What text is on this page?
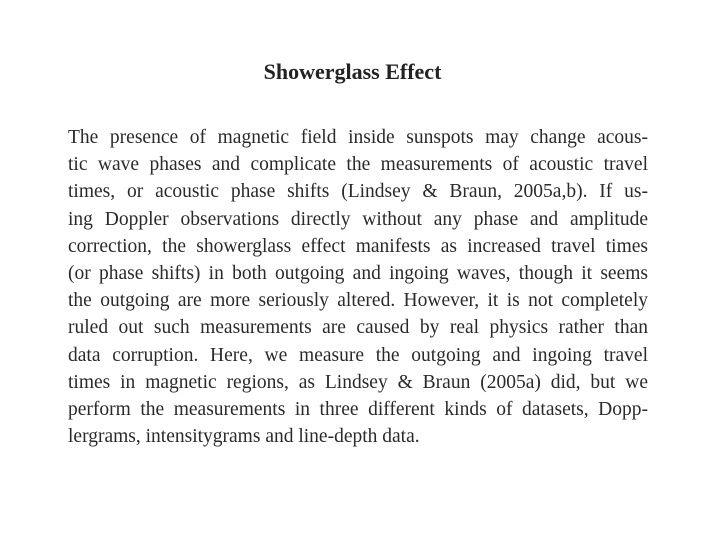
Showerglass Effect

The presence of magnetic field inside sunspots may change acous-
tic wave phases and complicate the measurements of acoustic travel
times, or acoustic phase shifts (Lindsey & Braun, 2005a,b). If us-
ing Doppler observations directly without any phase and amplitude
correction, the showerglass effect manifests as increased travel times
(or phase shifts) in both outgoing and ingoing waves, though it seems
the outgoing are more seriously altered. However, it is not completely
ruled out such measurements are caused by real physics rather than
data corruption. Here, we measure the outgoing and ingoing travel
times in magnetic regions, as Lindsey & Braun (2005a) did, but we
perform the measurements in three different kinds of datasets, Dopp-
lergrams, intensitygrams and line-depth data.
